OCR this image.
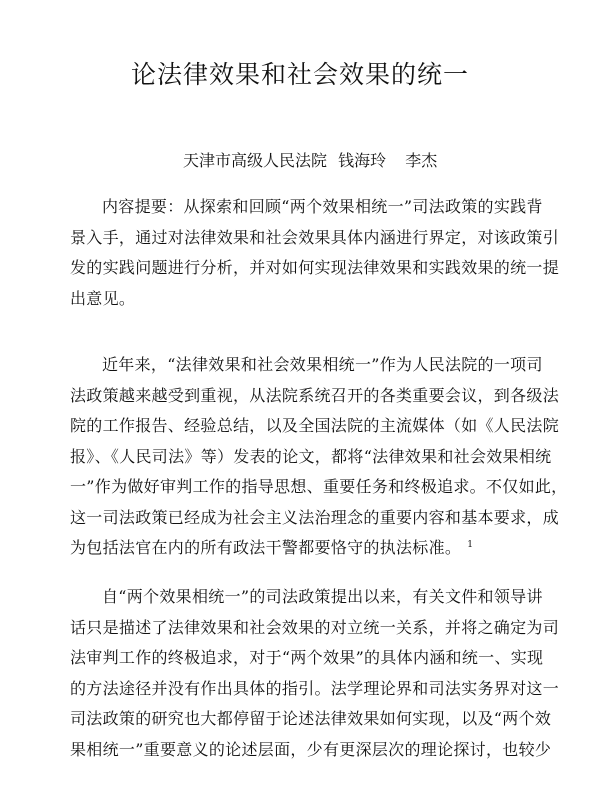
论法律效果和社会效果的统一
天津市高级人民法院 钱海玲 李杰
内容提要：从探索和回顾“两个效果相统一”司法政策的实践背
景入手，通过对法律效果和社会效果具体内涵进行界定，对该政策引
发的实践问题进行分析，并对如何实现法律效果和实践效果的统一提
出意见。
近年来，“法律效果和社会效果相统一”作为人民法院的一项司
法政策越来越受到重视，从法院系统召开的各类重要会议，到各级法
院的工作报告、经验总结，以及全国法院的主流媒体（如《人民法院
报》、《人民司法》等）发表的论文，都将“法律效果和社会效果相统
一”作为做好审判工作的指导思想、重要任务和终极追求。不仅如此，
这一司法政策已经成为社会主义法治理念的重要内容和基本要求，成
为包括法官在内的所有政法干警都要恪守的执法标准。 $^1$
自“两个效果相统一”的司法政策提出以来，有关文件和领导讲
话只是描述了法律效果和社会效果的对立统一关系，并将之确定为司
法审判工作的终极追求，对于“两个效果”的具体内涵和统一、实现
的方法途径并没有作出具体的指引。法学理论界和司法实务界对这一
司法政策的研究也大都停留于论述法律效果如何实现，以及“两个效
果相统一”重要意义的论述层面，少有更深层次的理论探讨，也较少
